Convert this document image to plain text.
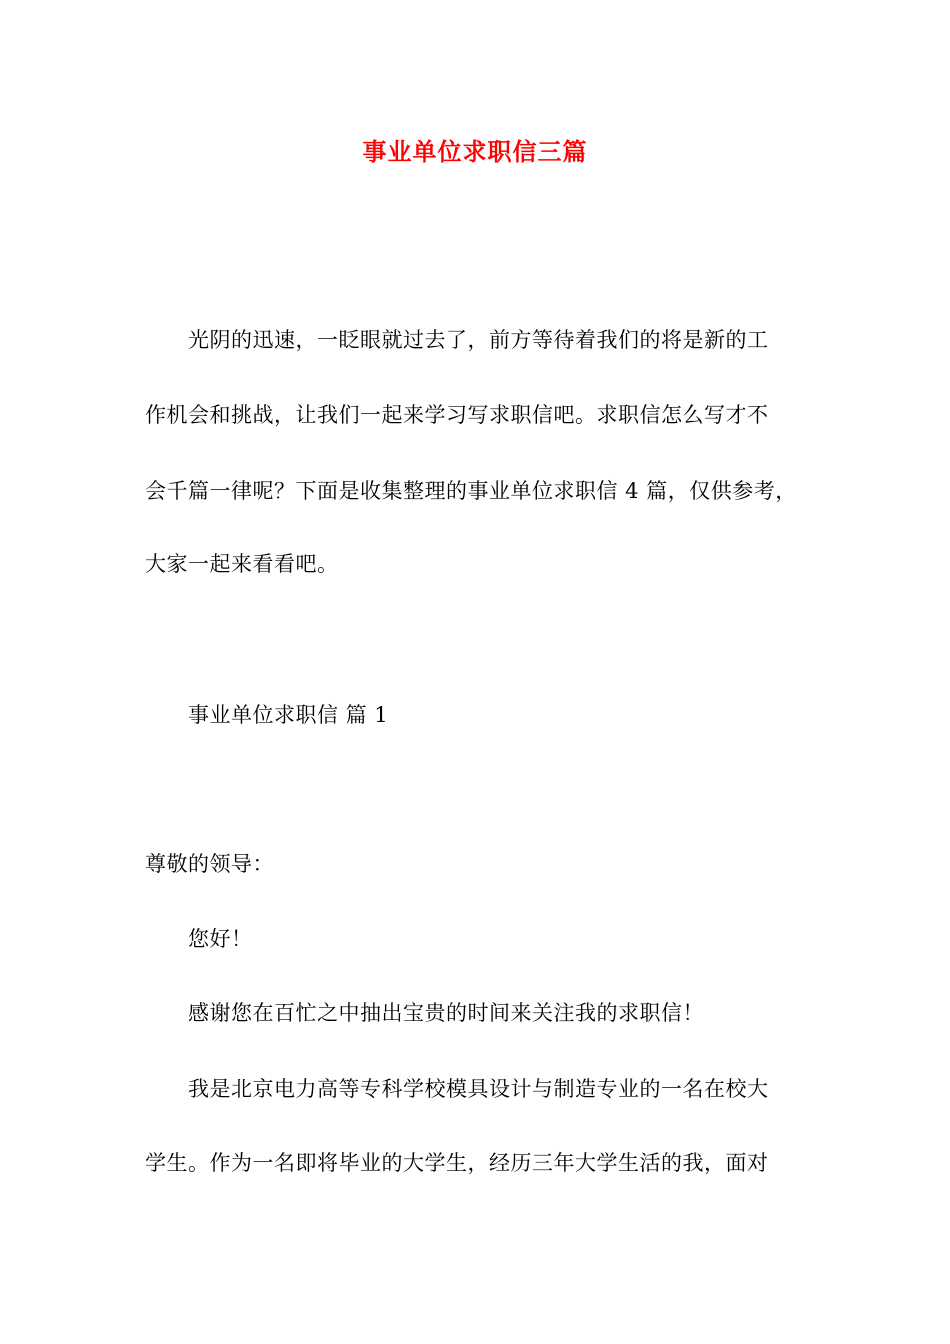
事业单位求职信三篇
光阴的迅速，一眨眼就过去了，前方等待着我们的将是新的工
作机会和挑战，让我们一起来学习写求职信吧。求职信怎么写才不
会千篇一律呢？下面是收集整理的事业单位求职信 4 篇，仅供参考，
大家一起来看看吧。
事业单位求职信 篇 1
尊敬的领导：
您好！
感谢您在百忙之中抽出宝贵的时间来关注我的求职信！
我是北京电力高等专科学校模具设计与制造专业的一名在校大
学生。作为一名即将毕业的大学生，经历三年大学生活的我，面对
